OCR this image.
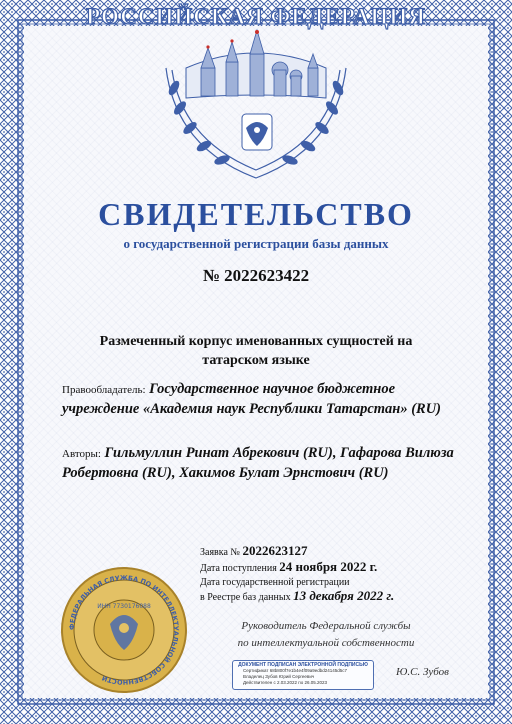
РОССИЙСКАЯ ФЕДЕРАЦИЯ
СВИДЕТЕЛЬСТВО
о государственной регистрации базы данных
№ 2022623422
Размеченный корпус именованных сущностей на татарском языке
Правообладатель: Государственное научное бюджетное учреждение «Академия наук Республики Татарстан» (RU)
Авторы: Гильмуллин Ринат Абрекович (RU), Гафарова Вилюза Робертовна (RU), Хакимов Булат Эрнстович (RU)
Заявка № 2022623127
Дата поступления 24 ноября 2022 г.
Дата государственной регистрации
в Реестре баз данных 13 декабря 2022 г.
Руководитель Федеральной службы
по интеллектуальной собственности
ДОКУМЕНТ ПОДПИСАН ЭЛЕКТРОННОЙ ПОДПИСЬЮ
Сертификат 68b800f7e1b4e4f09a9edbd24145d5c7
Владелец Зубов Юрий Сергеевич
Действителен с 2.03.2022 по 26.05.2023
Ю.С. Зубов
ФЕДЕРАЛЬНАЯ СЛУЖБА ПО ИНТЕЛЛЕКТУАЛЬНОЙ СОБСТВЕННОСТИ
ИНН 7730176088
